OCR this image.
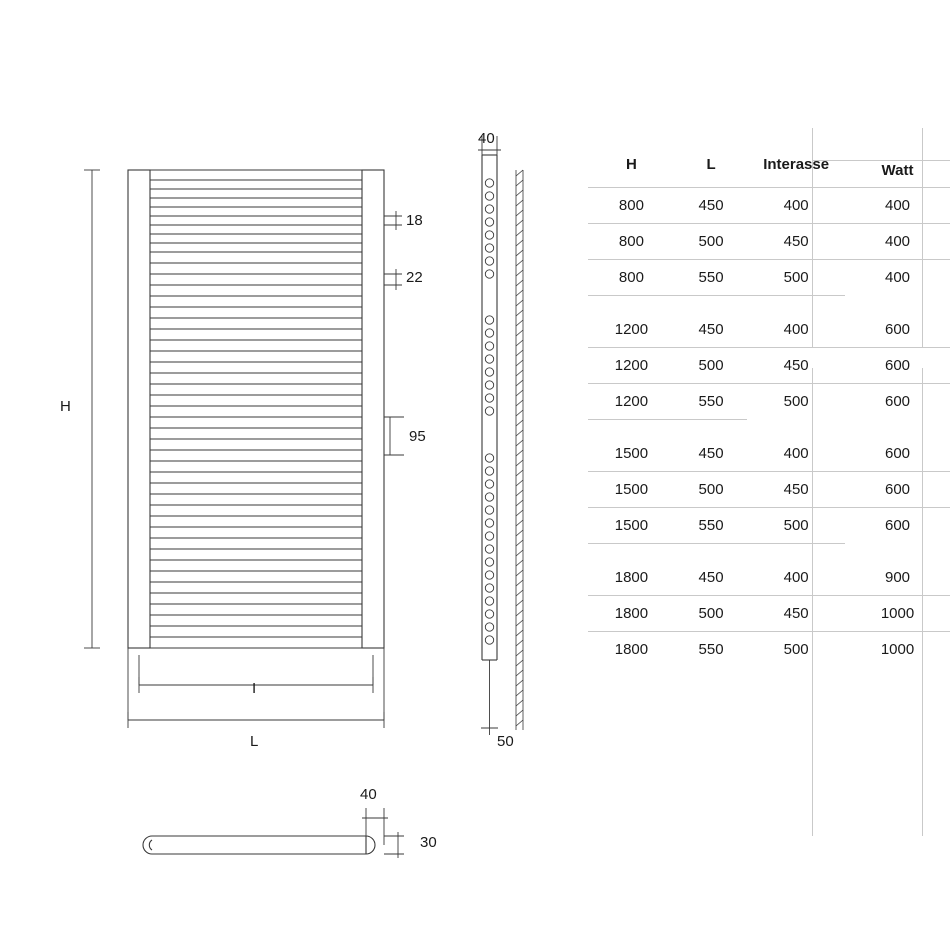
H
L
I
18
22
95
40
50
40
30
H	L	Interasse	Watt
800	450	400	400
800	500	450	400
800	550	500	400

1200	450	400	600
1200	500	450	600
1200	550	500	600

1500	450	400	600
1500	500	450	600
1500	550	500	600

1800	450	400	900
1800	500	450	1000
1800	550	500	1000
